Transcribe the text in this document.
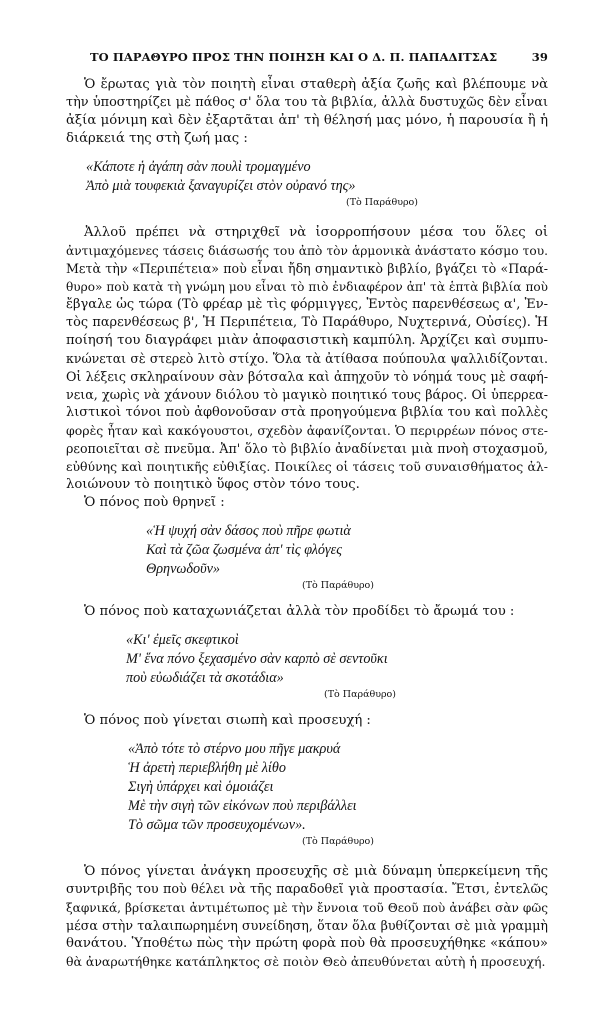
ΤΟ ΠΑΡΑΘΥΡΟ ΠΡΟΣ ΤΗΝ ΠΟΙΗΣΗ ΚΑΙ Ο Δ. Π. ΠΑΠΑΔΙΤΣΑΣ	39
Ὁ ἔρωτας γιὰ τὸν ποιητὴ εἶναι σταθερὴ ἀξία ζωῆς καὶ βλέπουμε νὰ
τὴν ὑποστηρίζει μὲ πάθος σ' ὅλα του τὰ βιβλία, ἀλλὰ δυστυχῶς δὲν εἶναι
ἀξία μόνιμη καὶ δὲν ἐξαρτᾶται ἀπ' τὴ θέλησή μας μόνο, ἡ παρουσία ἢ ἡ
διάρκειά της στὴ ζωή μας :
«Κάποτε ἡ ἀγάπη σὰν πουλὶ τρομαγμένο
Ἀπὸ μιὰ τουφεκιὰ ξαναγυρίζει στὸν οὐρανό της»
(Τὸ Παράθυρο)
Ἀλλοῦ πρέπει νὰ στηριχθεῖ νὰ ἰσορροπήσουν μέσα του ὅλες οἱ
ἀντιμαχόμενες τάσεις διάσωσής του ἀπὸ τὸν ἁρμονικὰ ἀνάστατο κόσμο του.
Μετὰ τὴν «Περιπέτεια» ποὺ εἶναι ἤδη σημαντικὸ βιβλίο, βγάζει τὸ «Παρά-
θυρο» ποὺ κατὰ τὴ γνώμη μου εἶναι τὸ πιὸ ἐνδιαφέρον ἀπ' τὰ ἑπτὰ βιβλία ποὺ
ἔβγαλε ὡς τώρα (Τὸ φρέαρ μὲ τὶς φόρμιγγες, Ἐντὸς παρενθέσεως α', Ἐν-
τὸς παρενθέσεως β', Ἡ Περιπέτεια, Τὸ Παράθυρο, Νυχτερινά, Οὐσίες). Ἡ
ποίησή του διαγράφει μιὰν ἀποφασιστικὴ καμπύλη. Ἀρχίζει καὶ συμπυ-
κνώνεται σὲ στερεὸ λιτὸ στίχο. Ὅλα τὰ ἀτίθασα πούπουλα ψαλλιδίζονται.
Οἱ λέξεις σκληραίνουν σὰν βότσαλα καὶ ἀπηχοῦν τὸ νόημά τους μὲ σαφή-
νεια, χωρὶς νὰ χάνουν διόλου τὸ μαγικὸ ποιητικό τους βάρος. Οἱ ὑπερρεα-
λιστικοὶ τόνοι ποὺ ἀφθονοῦσαν στὰ προηγούμενα βιβλία του καὶ πολλὲς
φορὲς ἦταν καὶ κακόγουστοι, σχεδὸν ἀφανίζονται. Ὁ περιρρέων πόνος στε-
ρεοποιεῖται σὲ πνεῦμα. Ἀπ' ὅλο τὸ βιβλίο ἀναδίνεται μιὰ πνοὴ στοχασμοῦ,
εὐθύνης καὶ ποιητικῆς εὐθιξίας. Ποικίλες οἱ τάσεις τοῦ συναισθήματος ἀλ-
λοιώνουν τὸ ποιητικὸ ὕφος στὸν τόνο τους.
Ὁ πόνος ποὺ θρηνεῖ :
«Ἡ ψυχή σὰν δάσος ποὺ πῆρε φωτιὰ
Καὶ τὰ ζῶα ζωσμένα ἀπ' τὶς φλόγες
Θρηνωδοῦν»
(Τὸ Παράθυρο)
Ὁ πόνος ποὺ καταχωνιάζεται ἀλλὰ τὸν προδίδει τὸ ἄρωμά του :
«Κι' ἐμεῖς σκεφτικοὶ
Μ' ἕνα πόνο ξεχασμένο σὰν καρπὸ σὲ σεντοῦκι
ποὺ εὐωδιάζει τὰ σκοτάδια»
(Τὸ Παράθυρο)
Ὁ πόνος ποὺ γίνεται σιωπὴ καὶ προσευχή :
«Ἀπὸ τότε τὸ στέρνο μου πῆγε μακρυά
Ἡ ἀρετὴ περιεβλήθη μὲ λίθο
Σιγὴ ὑπάρχει καὶ ὁμοιάζει
Μὲ τὴν σιγὴ τῶν εἰκόνων ποὺ περιβάλλει
Τὸ σῶμα τῶν προσευχομένων».
(Τὸ Παράθυρο)
Ὁ πόνος γίνεται ἀνάγκη προσευχῆς σὲ μιὰ δύναμη ὑπερκείμενη τῆς
συντριβῆς του ποὺ θέλει νὰ τῆς παραδοθεῖ γιὰ προστασία. Ἔτσι, ἐντελῶς
ξαφνικά, βρίσκεται ἀντιμέτωπος μὲ τὴν ἔννοια τοῦ Θεοῦ ποὺ ἀνάβει σὰν φῶς
μέσα στὴν ταλαιπωρημένη συνείδηση, ὅταν ὅλα βυθίζονται σὲ μιὰ γραμμὴ
θανάτου. Ὑποθέτω πὼς τὴν πρώτη φορὰ ποὺ θὰ προσευχήθηκε «κάπου»
θὰ ἀναρωτήθηκε κατάπληκτος σὲ ποιὸν Θεὸ ἀπευθύνεται αὐτὴ ἡ προσευχή.
